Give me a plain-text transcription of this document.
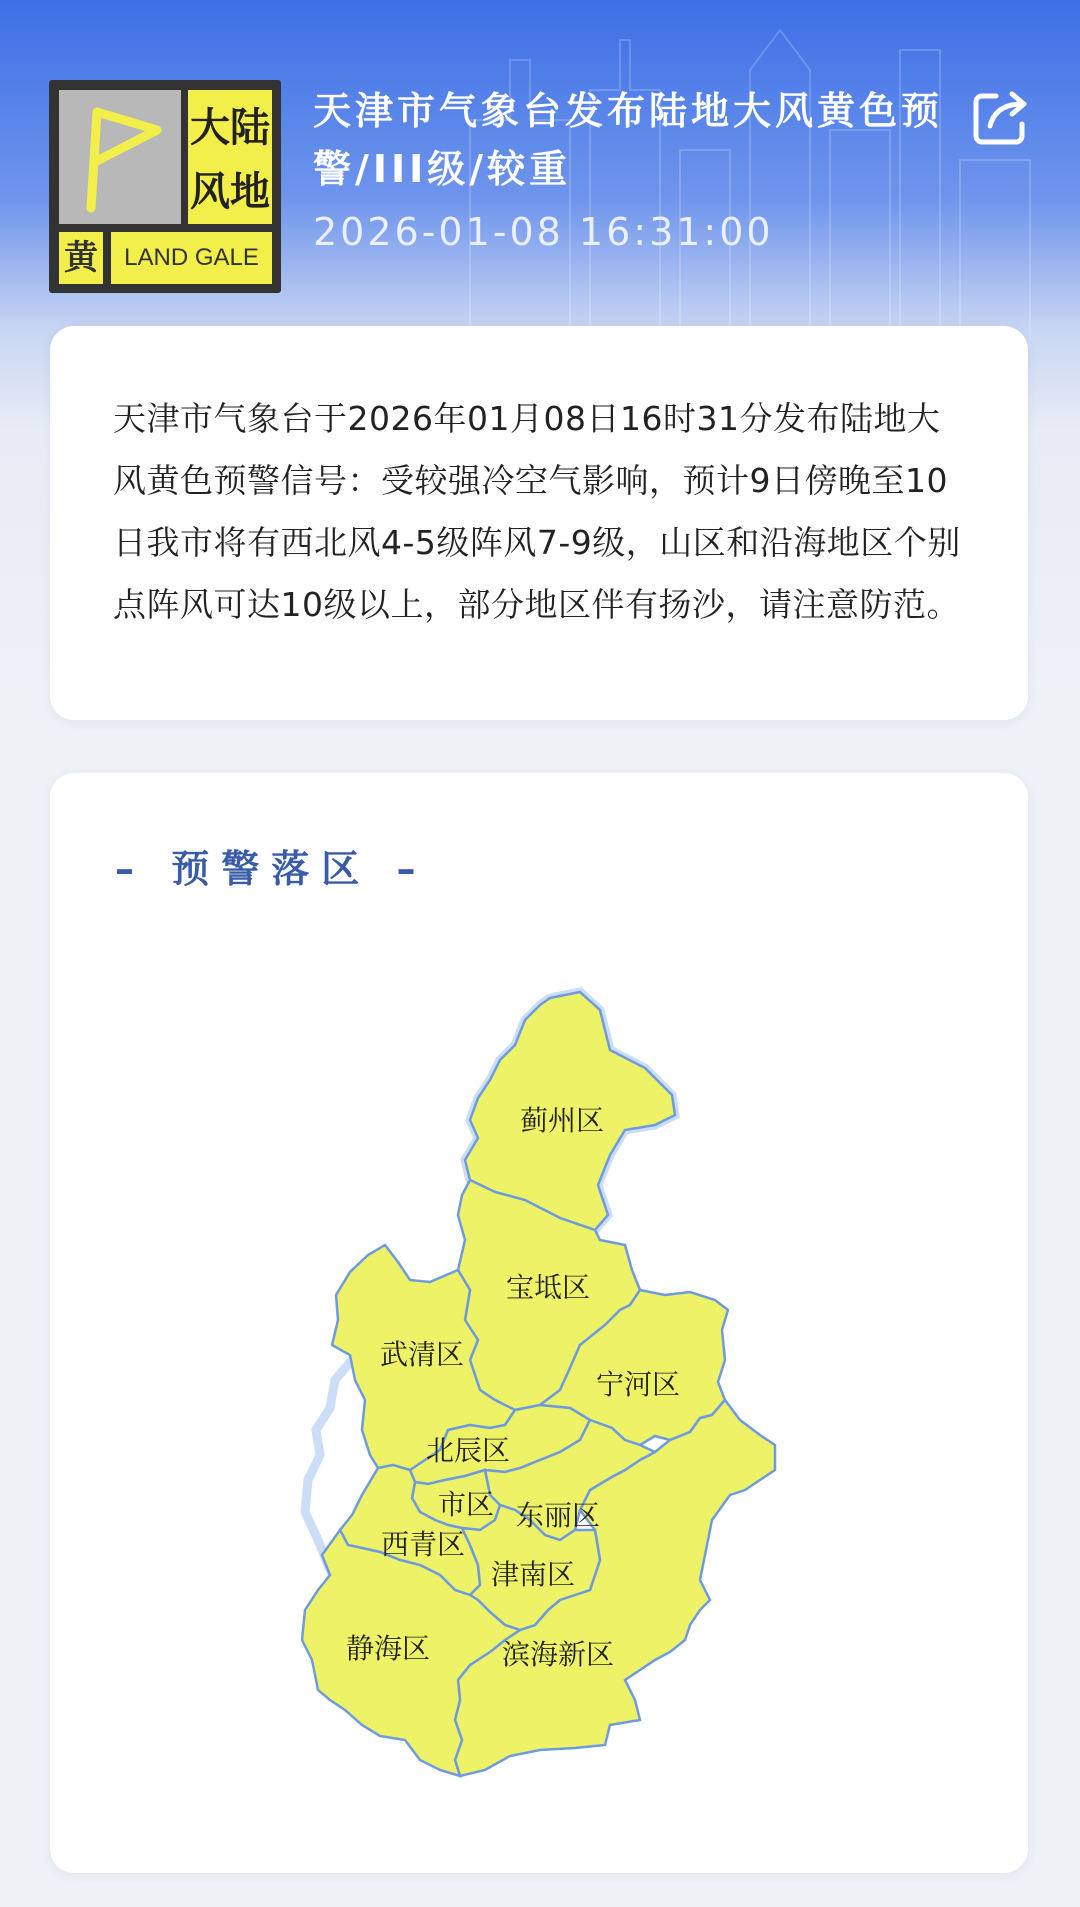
大 陆
风 地
黄	LAND GALE
天津市气象台发布陆地大风黄色预警/III级/较重
2026-01-08 16:31:00

天津市气象台于2026年01月08日16时31分发布陆地大风黄色预警信号：受较强冷空气影响，预计9日傍晚至10日我市将有西北风4-5级阵风7-9级，山区和沿海地区个别点阵风可达10级以上，部分地区伴有扬沙，请注意防范。

– 预警落区 –
蓟州区
宝坻区
武清区
宁河区
北辰区
市区 东丽区
西青区
津南区
静海区	滨海新区
